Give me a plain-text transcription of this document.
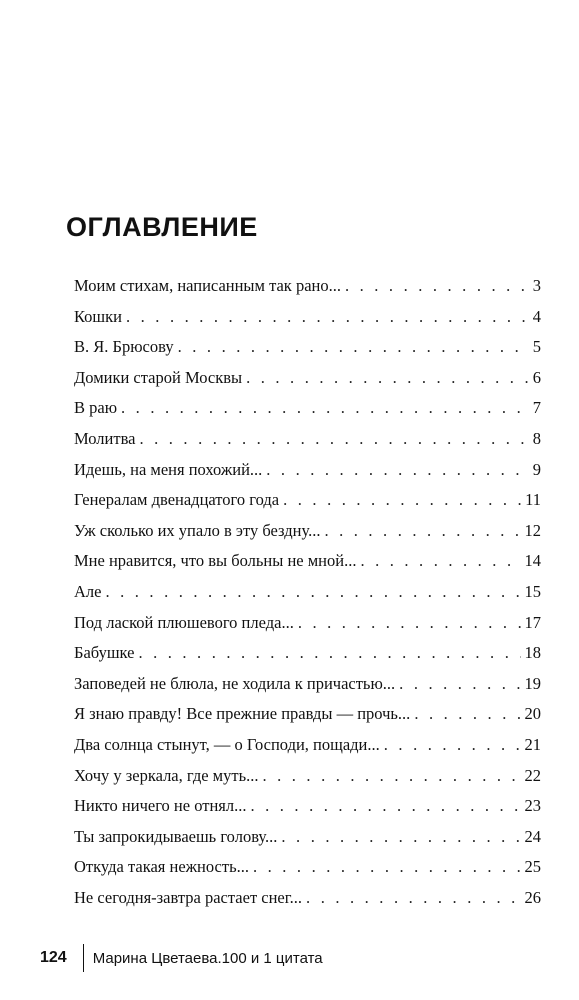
ОГЛАВЛЕНИЕ
Моим стихам, написанным так рано... . . .	3
Кошки . . .	4
В. Я. Брюсову . . .	5
Домики старой Москвы . . .	6
В раю . . .	7
Молитва . . .	8
Идешь, на меня похожий... . . .	9
Генералам двенадцатого года . . .	11
Уж сколько их упало в эту бездну... . . .	12
Мне нравится, что вы больны не мной... . . .	14
Але . . .	15
Под лаской плюшевого пледа... . . .	17
Бабушке . . .	18
Заповедей не блюла, не ходила к причастью... . . .	19
Я знаю правду! Все прежние правды — прочь... . . .	20
Два солнца стынут, — о Господи, пощади... . . .	21
Хочу у зеркала, где муть... . . .	22
Никто ничего не отнял... . . .	23
Ты запрокидываешь голову... . . .	24
Откуда такая нежность... . . .	25
Не сегодня-завтра растает снег... . . .	26
124 Марина Цветаева.100 и 1 цитата
